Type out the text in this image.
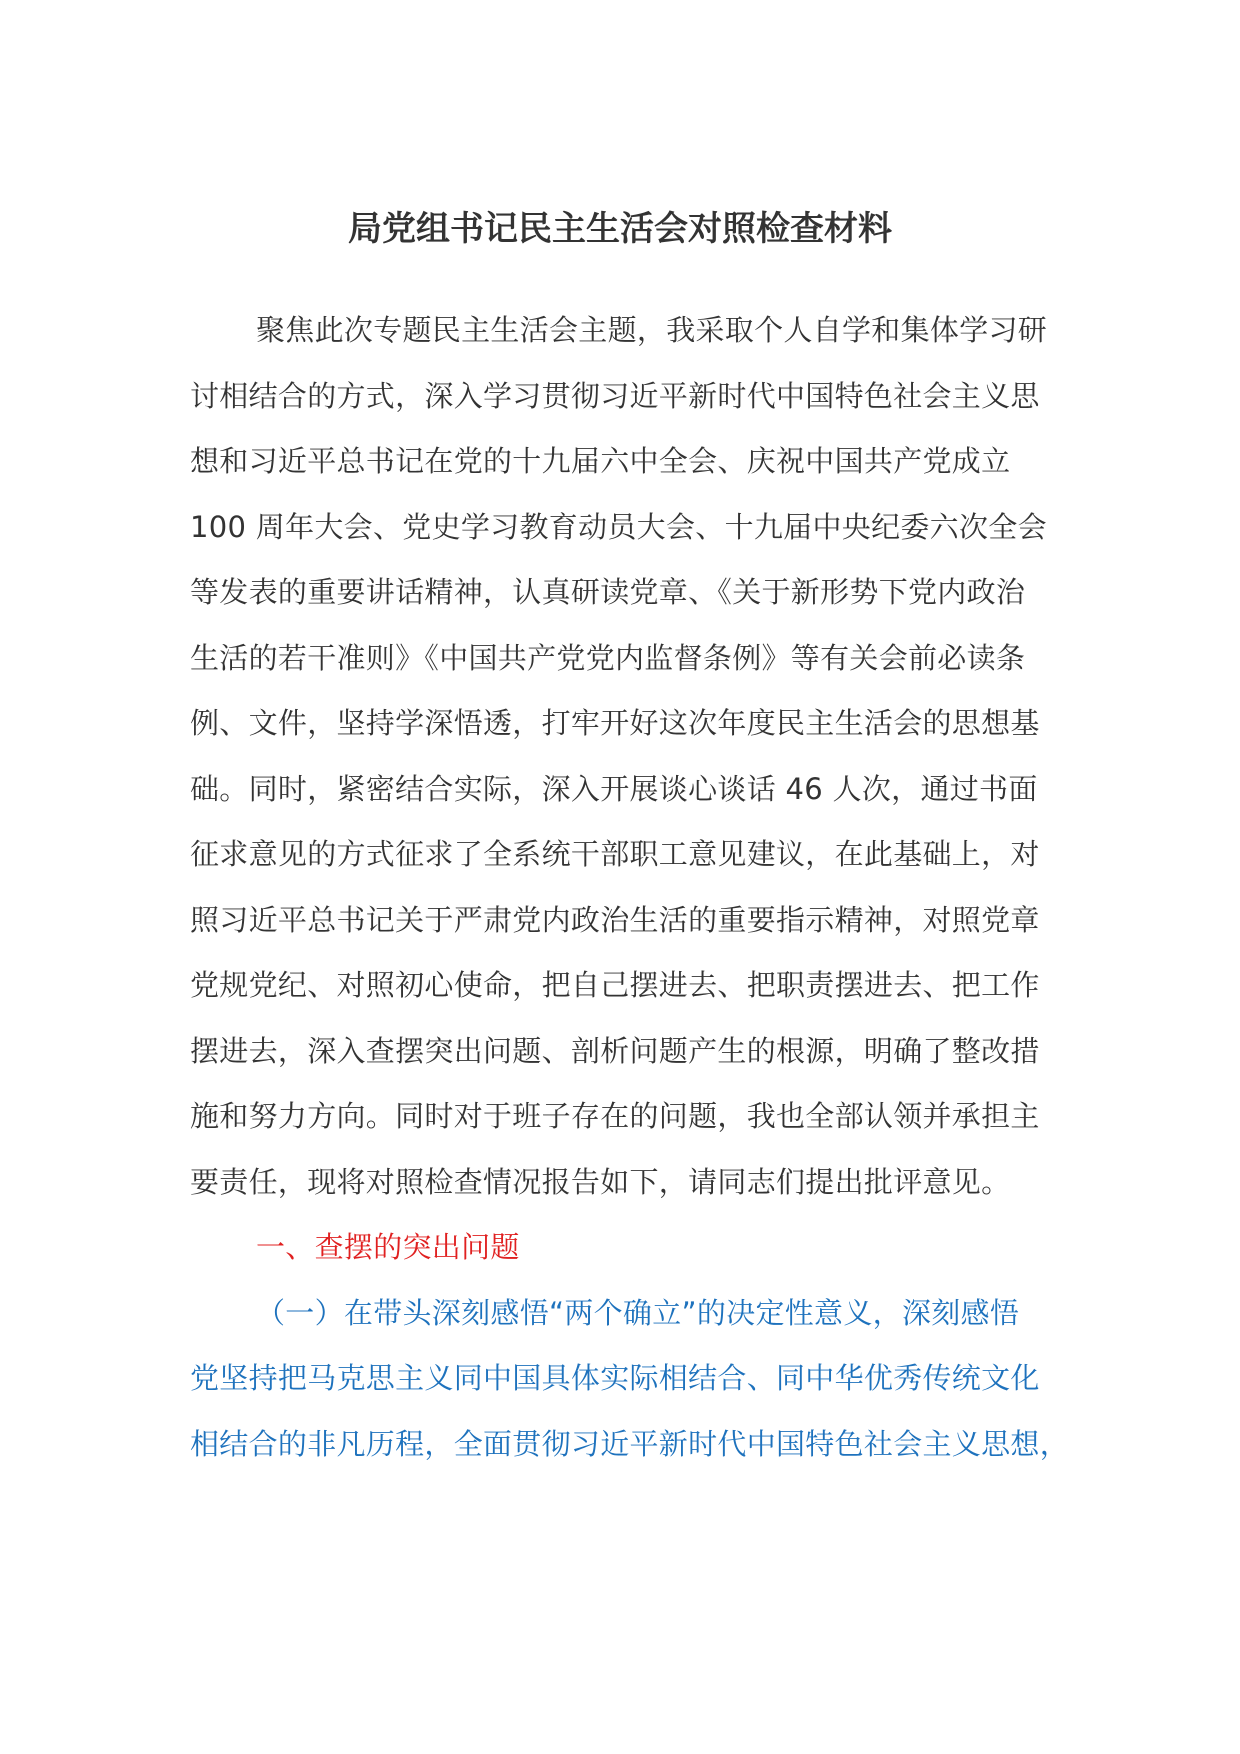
局党组书记民主生活会对照检查材料
聚焦此次专题民主生活会主题，我采取个人自学和集体学习研
讨相结合的方式，深入学习贯彻习近平新时代中国特色社会主义思
想和习近平总书记在党的十九届六中全会、庆祝中国共产党成立
100 周年大会、党史学习教育动员大会、十九届中央纪委六次全会
等发表的重要讲话精神，认真研读党章、《关于新形势下党内政治
生活的若干准则》《中国共产党党内监督条例》等有关会前必读条
例、文件，坚持学深悟透，打牢开好这次年度民主生活会的思想基
础。同时，紧密结合实际，深入开展谈心谈话 46 人次，通过书面
征求意见的方式征求了全系统干部职工意见建议，在此基础上，对
照习近平总书记关于严肃党内政治生活的重要指示精神，对照党章
党规党纪、对照初心使命，把自己摆进去、把职责摆进去、把工作
摆进去，深入查摆突出问题、剖析问题产生的根源，明确了整改措
施和努力方向。同时对于班子存在的问题，我也全部认领并承担主
要责任，现将对照检查情况报告如下，请同志们提出批评意见。
一、查摆的突出问题
（一）在带头深刻感悟“两个确立”的决定性意义，深刻感悟
党坚持把马克思主义同中国具体实际相结合、同中华优秀传统文化
相结合的非凡历程，全面贯彻习近平新时代中国特色社会主义思想，
